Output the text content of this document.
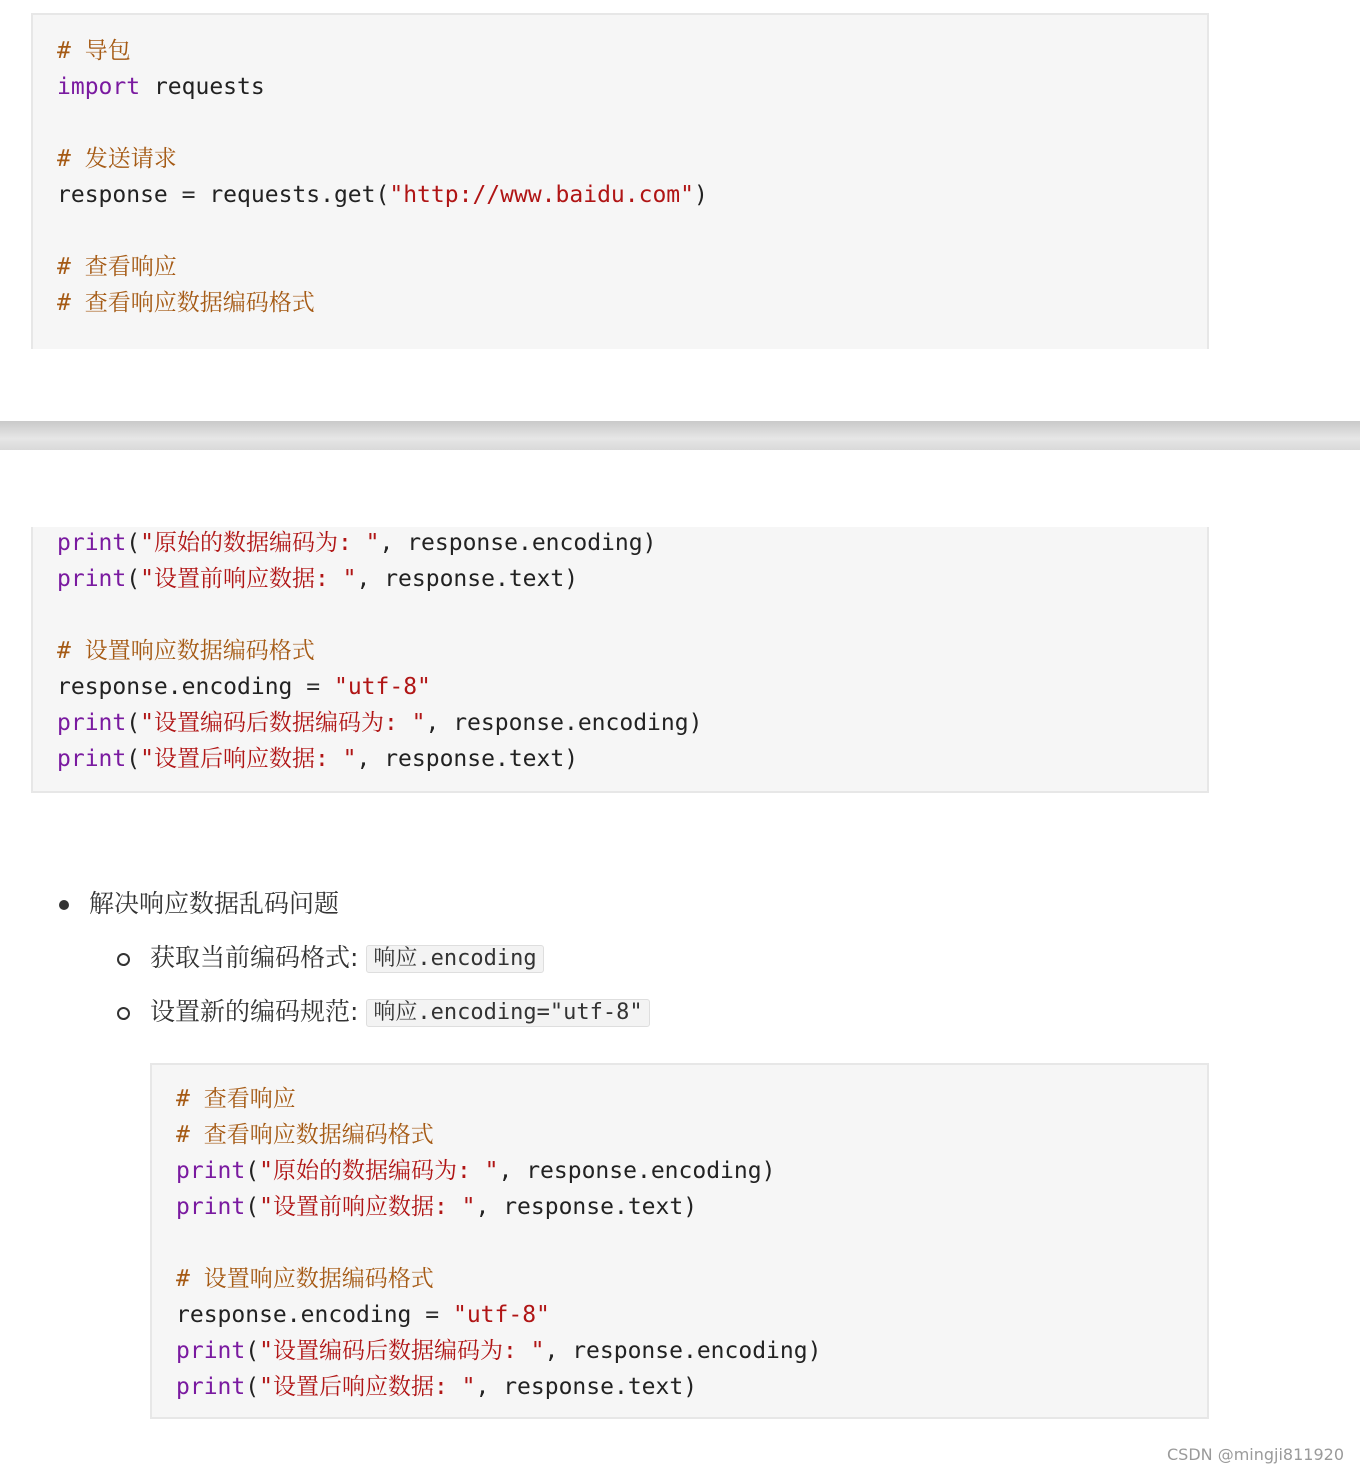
# 导包
import requests
# 发送请求
response = requests.get("http://www.baidu.com")
# 查看响应
# 查看响应数据编码格式
print("原始的数据编码为: ", response.encoding)
print("设置前响应数据: ", response.text)
# 设置响应数据编码格式
response.encoding = "utf-8"
print("设置编码后数据编码为: ", response.encoding)
print("设置后响应数据: ", response.text)
解决响应数据乱码问题
获取当前编码格式: 响应.encoding
设置新的编码规范: 响应.encoding="utf-8"
# 查看响应
# 查看响应数据编码格式
print("原始的数据编码为: ", response.encoding)
print("设置前响应数据: ", response.text)
# 设置响应数据编码格式
response.encoding = "utf-8"
print("设置编码后数据编码为: ", response.encoding)
print("设置后响应数据: ", response.text)
CSDN @mingji811920
